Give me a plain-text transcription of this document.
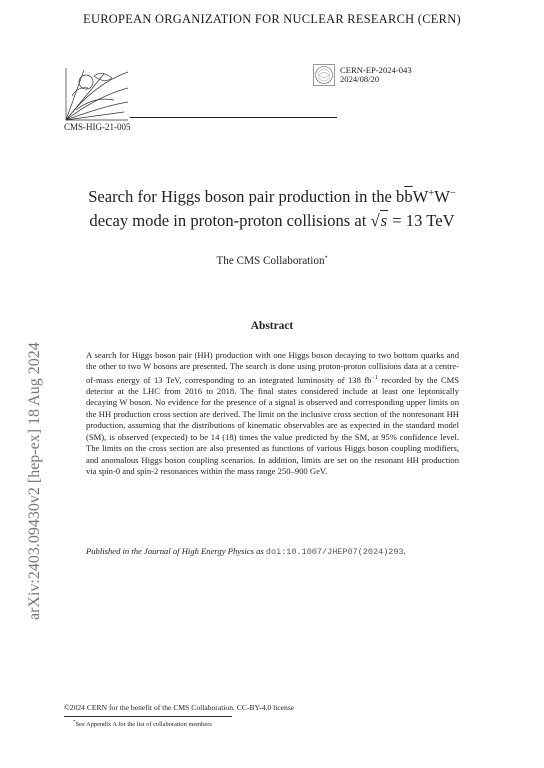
EUROPEAN ORGANIZATION FOR NUCLEAR RESEARCH (CERN)
CMS-HIG-21-005
CERN-EP-2024-043
2024/08/20
Search for Higgs boson pair production in the $b\overline{b}W^+W^-$
decay mode in proton-proton collisions at √s = 13 TeV
The CMS Collaboration*
Abstract
A search for Higgs boson pair (HH) production with one Higgs boson decaying to two bottom quarks and the other to two W bosons are presented. The search is done using proton-proton collisions data at a centre-of-mass energy of 13 TeV, corresponding to an integrated luminosity of 138 $fb^{-1}$ recorded by the CMS detector at the LHC from 2016 to 2018. The final states considered include at least one leptonically decaying W boson. No evidence for the presence of a signal is observed and corresponding upper limits on the HH production cross section are derived. The limit on the inclusive cross section of the nonresonant HH production, assuming that the distributions of kinematic observables are as expected in the standard model (SM), is observed (expected) to be 14 (18) times the value predicted by the SM, at 95% confidence level. The limits on the cross section are also presented as functions of various Higgs boson coupling modifiers, and anomalous Higgs boson coupling scenarios. In addition, limits are set on the resonant HH production via spin-0 and spin-2 resonances within the mass range 250–900 GeV.
Published in the Journal of High Energy Physics as doi:10.1007/JHEP07(2024)293.
arXiv:2403.09430v2 [hep-ex] 18 Aug 2024
©2024 CERN for the benefit of the CMS Collaboration. CC-BY-4.0 license
*See Appendix A for the list of collaboration members
